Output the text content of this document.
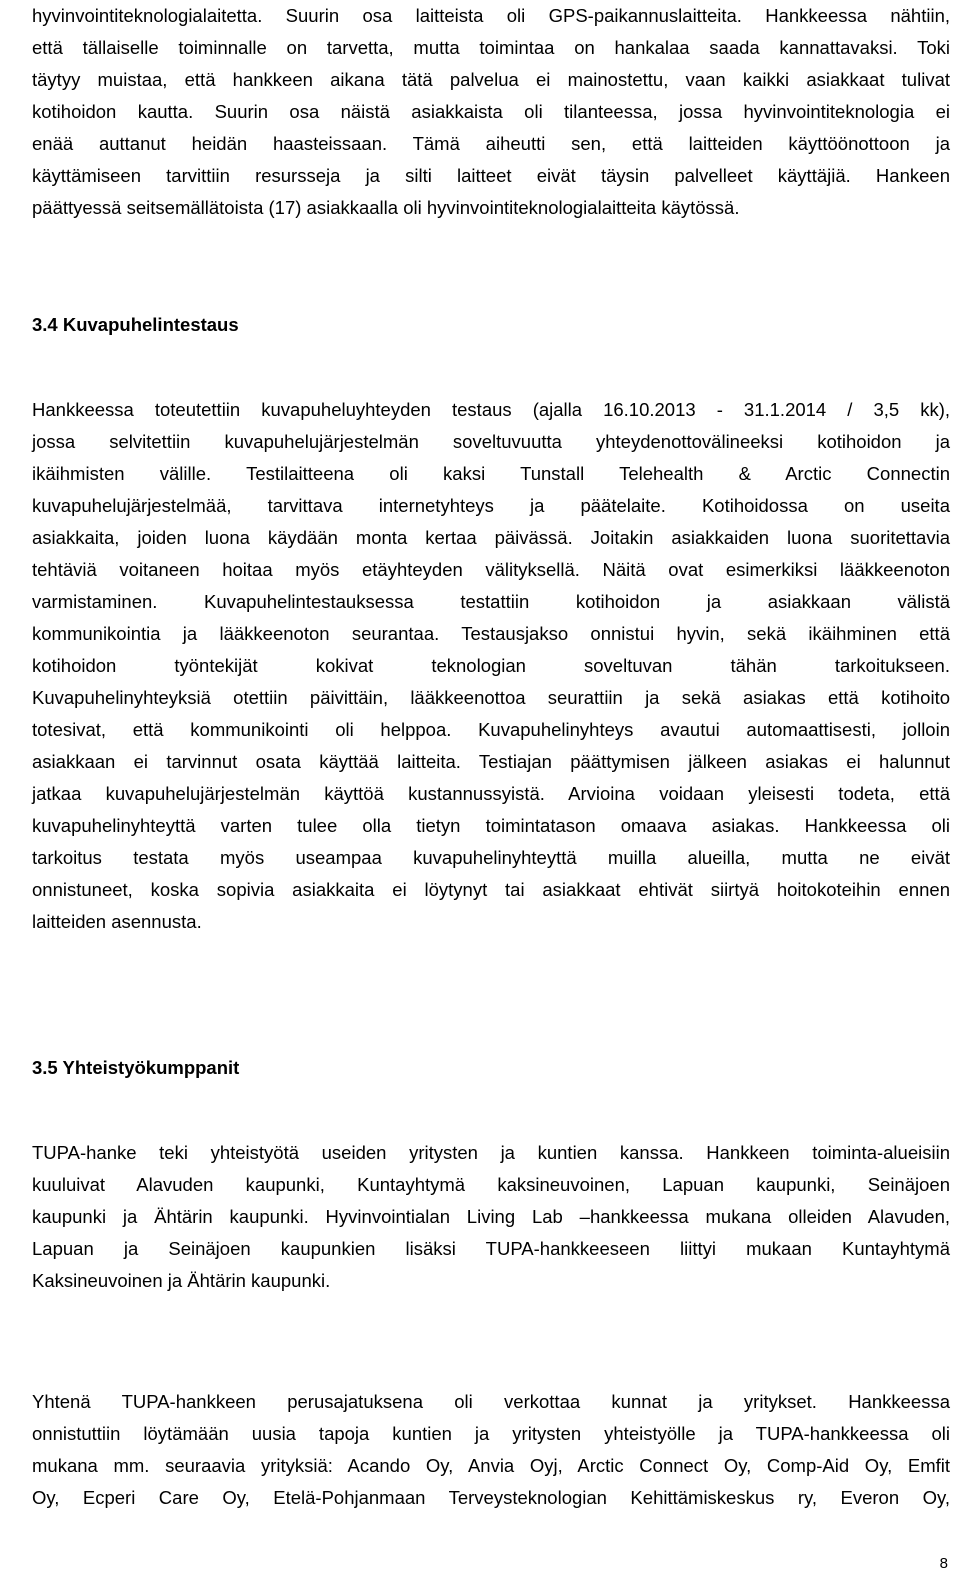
hyvinvointiteknologialaitetta. Suurin osa laitteista oli GPS-paikannuslaitteita. Hankkeessa nähtiin,
että tällaiselle toiminnalle on tarvetta, mutta toimintaa on hankalaa saada kannattavaksi. Toki
täytyy muistaa, että hankkeen aikana tätä palvelua ei mainostettu, vaan kaikki asiakkaat tulivat
kotihoidon kautta. Suurin osa näistä asiakkaista oli tilanteessa, jossa hyvinvointiteknologia ei
enää auttanut heidän haasteissaan. Tämä aiheutti sen, että laitteiden käyttöönottoon ja
käyttämiseen tarvittiin resursseja ja silti laitteet eivät täysin palvelleet käyttäjiä. Hankeen
päättyessä seitsemällätoista (17) asiakkaalla oli hyvinvointiteknologialaitteita käytössä.
3.4 Kuvapuhelintestaus
Hankkeessa toteutettiin kuvapuheluyhteyden testaus (ajalla 16.10.2013 - 31.1.2014 / 3,5 kk),
jossa selvitettiin kuvapuhelujärjestelmän soveltuvuutta yhteydenottovälineeksi kotihoidon ja
ikäihmisten välille. Testilaitteena oli kaksi Tunstall Telehealth & Arctic Connectin
kuvapuhelujärjestelmää, tarvittava internetyhteys ja päätelaite. Kotihoidossa on useita
asiakkaita, joiden luona käydään monta kertaa päivässä. Joitakin asiakkaiden luona suoritettavia
tehtäviä voitaneen hoitaa myös etäyhteyden välityksellä. Näitä ovat esimerkiksi lääkkeenoton
varmistaminen. Kuvapuhelintestauksessa testattiin kotihoidon ja asiakkaan välistä
kommunikointia ja lääkkeenoton seurantaa. Testausjakso onnistui hyvin, sekä ikäihminen että
kotihoidon työntekijät kokivat teknologian soveltuvan tähän tarkoitukseen.
Kuvapuhelinyhteyksiä otettiin päivittäin, lääkkeenottoa seurattiin ja sekä asiakas että kotihoito
totesivat, että kommunikointi oli helppoa. Kuvapuhelinyhteys avautui automaattisesti, jolloin
asiakkaan ei tarvinnut osata käyttää laitteita. Testiajan päättymisen jälkeen asiakas ei halunnut
jatkaa kuvapuhelujärjestelmän käyttöä kustannussyistä. Arvioina voidaan yleisesti todeta, että
kuvapuhelinyhteyttä varten tulee olla tietyn toimintatason omaava asiakas. Hankkeessa oli
tarkoitus testata myös useampaa kuvapuhelinyhteyttä muilla alueilla, mutta ne eivät
onnistuneet, koska sopivia asiakkaita ei löytynyt tai asiakkaat ehtivät siirtyä hoitokoteihin ennen
laitteiden asennusta.
3.5 Yhteistyökumppanit
TUPA-hanke teki yhteistyötä useiden yritysten ja kuntien kanssa. Hankkeen toiminta-alueisiin
kuuluivat Alavuden kaupunki, Kuntayhtymä kaksineuvoinen, Lapuan kaupunki, Seinäjoen
kaupunki ja Ähtärin kaupunki. Hyvinvointialan Living Lab –hankkeessa mukana olleiden Alavuden,
Lapuan ja Seinäjoen kaupunkien lisäksi TUPA-hankkeeseen liittyi mukaan Kuntayhtymä
Kaksineuvoinen ja Ähtärin kaupunki.
Yhtenä TUPA-hankkeen perusajatuksena oli verkottaa kunnat ja yritykset. Hankkeessa
onnistuttiin löytämään uusia tapoja kuntien ja yritysten yhteistyölle ja TUPA-hankkeessa oli
mukana mm. seuraavia yrityksiä: Acando Oy, Anvia Oyj, Arctic Connect Oy, Comp-Aid Oy, Emfit
Oy, Ecperi Care Oy, Etelä-Pohjanmaan Terveysteknologian Kehittämiskeskus ry, Everon Oy,
8
